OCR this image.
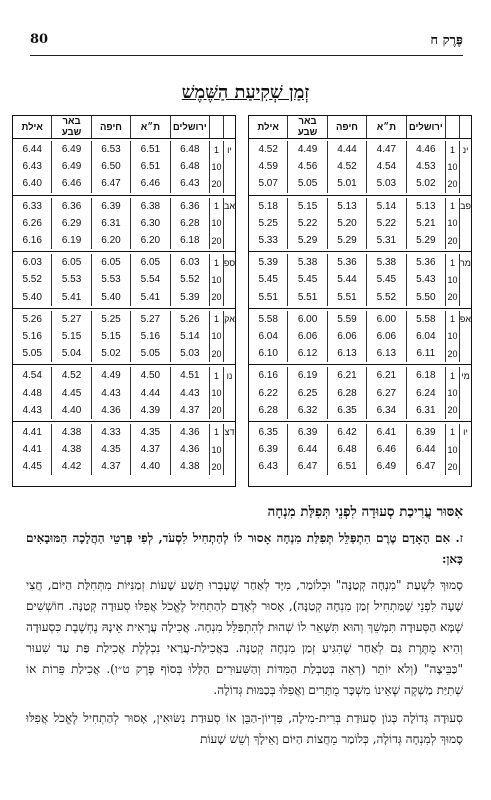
80	פֶּרֶק ח
זְמַן שְׁקִיעַת הַשֶּׁמֶשׁ
ירושלים
ת״א
חיפה
באר שבע
אילת
ינ
1
4.46
4.47
4.44
4.49
4.52
10
4.53
4.54
4.52
4.56
4.59
20
5.02
5.03
5.01
5.05
5.07
פב
1
5.13
5.14
5.13
5.15
5.18
10
5.21
5.22
5.20
5.22
5.25
20
5.29
5.31
5.29
5.29
5.33
מר
1
5.36
5.38
5.36
5.38
5.39
10
5.43
5.45
5.44
5.45
5.45
20
5.50
5.52
5.51
5.51
5.51
אפ
1
5.58
6.00
5.59
6.00
5.58
10
6.04
6.06
6.06
6.06
6.04
20
6.11
6.13
6.13
6.12
6.10
מי
1
6.18
6.21
6.21
6.19
6.16
10
6.24
6.27
6.28
6.25
6.22
20
6.31
6.34
6.35
6.32
6.28
יו
1
6.39
6.41
6.42
6.39
6.35
10
6.44
6.46
6.48
6.44
6.39
20
6.47
6.49
6.51
6.47
6.43
ירושלים
ת״א
חיפה
באר שבע
אילת
יו
1
6.48
6.51
6.53
6.49
6.44
10
6.48
6.51
6.50
6.49
6.43
20
6.43
6.46
6.47
6.46
6.40
אב
1
6.36
6.38
6.39
6.36
6.33
10
6.28
6.30
6.31
6.29
6.26
20
6.18
6.20
6.20
6.19
6.16
ספ
1
6.03
6.05
6.05
6.05
6.03
10
5.52
5.54
5.53
5.53
5.52
20
5.39
5.41
5.40
5.41
5.40
אק
1
5.26
5.27
5.25
5.27
5.26
10
5.14
5.16
5.15
5.15
5.16
20
5.03
5.05
5.02
5.04
5.05
נו
1
4.51
4.50
4.49
4.52
4.54
10
4.43
4.44
4.43
4.45
4.48
20
4.37
4.39
4.36
4.40
4.43
דצ
1
4.36
4.35
4.33
4.38
4.41
10
4.36
4.37
4.35
4.38
4.41
20
4.38
4.40
4.37
4.42
4.45
אִסּוּר עֲרִיכַת סְעוּדָה לִפְנֵי תְּפִלַּת מִנְחָה
ז. אִם הָאָדָם טֶרֶם הִתְפַּלֵּל תְּפִלַּת מִנְחָה אָסוּר לוֹ לְהַתְחִיל לִסְעֹד, לְפִי פְּרָטֵי הַהֲלָכָה הַמּוּבָאִים כָּאן:
סָמוּךְ לִשְׁעַת "מִנְחָה קְטַנָּה" וּכְלוֹמַר, מִיָּד לְאַחַר שֶׁעָבְרוּ תֵּשַׁע שָׁעוֹת זְמַנִּיּוֹת מִתְּחִלַּת הַיּוֹם, חֲצִי שָׁעָה לִפְנֵי שֶׁמַּתְחִיל זְמַן מִנְחָה קְטַנָּה), אָסוּר לְאָדָם לְהַתְחִיל לֶאֱכֹל אֲפִלּוּ סְעוּדָה קְטַנָּה. חוֹשְׁשִׁים שֶׁמָּא הַסְּעוּדָה תִּמָּשֵׁךְ וְהוּא תִּשָּׁאֵר לוֹ שְׁהוּת לְהִתְפַּלֵּל מִנְחָה. אֲכִילָה עֲרָאִית אֵינָהּ נֶחְשֶׁבֶת כִּסְעוּדָה וְהִיא מֻתֶּרֶת גַּם לְאַחַר שֶׁהִגִּיעַ זְמַן מִנְחָה קְטַנָּה. בַּאֲכִילַת-עֲרַאי נִכְלֶלֶת אֲכִילַת פַּת עַד שִׁעוּר "כַּבֵּיצָה" (וְלֹא יוֹתֵר (רְאֵה בְּטַבְלַת הַמִּדּוֹת וְהַשִּׁעוּרִים הַלָּלוּ בְּסוֹף פֶּרֶק ט״ו). אֲכִילַת פֵּרוֹת אוֹ שְׁתִיַּת מַשְׁקֶה שֶׁאֵינוֹ מִשְׁכָּר מֻתָּרִים וַאֲפִלּוּ בְּכַמּוּת גְּדוֹלָה.
סְעוּדָה גְּדוֹלָה כְּגוֹן סְעוּדַת בְּרִית-מִילָה, פִּדְיוֹן-הַבֵּן אוֹ סְעוּדַת נִשּׂוּאִין, אָסוּר לְהַתְחִיל לֶאֱכֹל אֲפִלּוּ סָמוּךְ לְמִנְחָה גְּדוֹלָה, כְּלוֹמַר מֵחֲצוֹת הַיּוֹם וָאֵילָךְ וְשֵׁשׁ שָׁעוֹת
